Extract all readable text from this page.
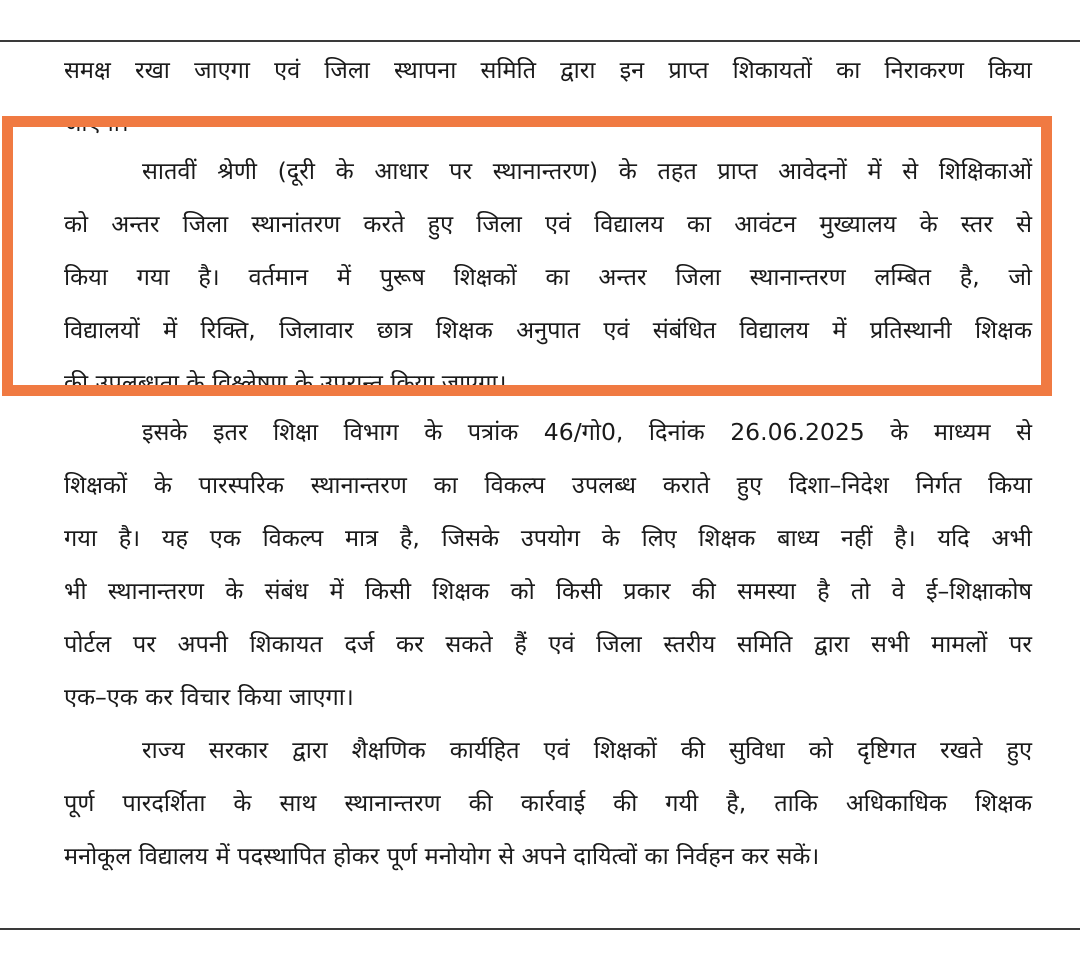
समक्ष रखा जाएगा एवं जिला स्थापना समिति द्वारा इन प्राप्त शिकायतों का निराकरण किया
जाएगा।
सातवीं श्रेणी (दूरी के आधार पर स्थानान्तरण) के तहत प्राप्त आवेदनों में से शिक्षिकाओं
को अन्तर जिला स्थानांतरण करते हुए जिला एवं विद्यालय का आवंटन मुख्यालय के स्तर से
किया गया है। वर्तमान में पुरूष शिक्षकों का अन्तर जिला स्थानान्तरण लम्बित है, जो
विद्यालयों में रिक्ति, जिलावार छात्र शिक्षक अनुपात एवं संबंधित विद्यालय में प्रतिस्थानी शिक्षक
की उपलब्धता के विश्लेषण के उपरान्त किया जाएगा।
इसके इतर शिक्षा विभाग के पत्रांक 46/गो0, दिनांक 26.06.2025 के माध्यम से
शिक्षकों के पारस्परिक स्थानान्तरण का विकल्प उपलब्ध कराते हुए दिशा–निदेश निर्गत किया
गया है। यह एक विकल्प मात्र है, जिसके उपयोग के लिए शिक्षक बाध्य नहीं है। यदि अभी
भी स्थानान्तरण के संबंध में किसी शिक्षक को किसी प्रकार की समस्या है तो वे ई–शिक्षाकोष
पोर्टल पर अपनी शिकायत दर्ज कर सकते हैं एवं जिला स्तरीय समिति द्वारा सभी मामलों पर
एक–एक कर विचार किया जाएगा।
राज्य सरकार द्वारा शैक्षणिक कार्यहित एवं शिक्षकों की सुविधा को दृष्टिगत रखते हुए
पूर्ण पारदर्शिता के साथ स्थानान्तरण की कार्रवाई की गयी है, ताकि अधिकाधिक शिक्षक
मनोकूल विद्यालय में पदस्थापित होकर पूर्ण मनोयोग से अपने दायित्वों का निर्वहन कर सकें।
